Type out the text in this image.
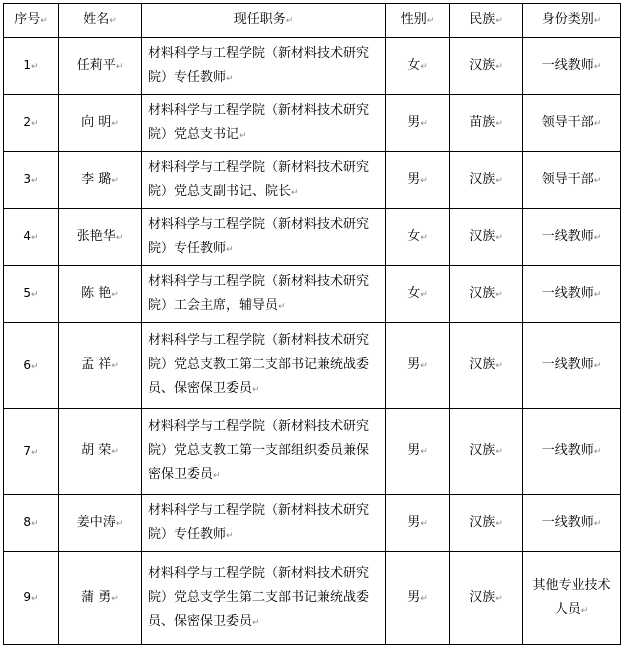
序号↵	姓名↵	现任职务↵	性别↵	民族↵	身份类别↵
1↵	任莉平↵	材料科学与工程学院（新材料技术研究院）专任教师↵	女↵	汉族↵	一线教师↵
2↵	向 明↵	材料科学与工程学院（新材料技术研究院）党总支书记↵	男↵	苗族↵	领导干部↵
3↵	李 璐↵	材料科学与工程学院（新材料技术研究院）党总支副书记、院长↵	男↵	汉族↵	领导干部↵
4↵	张艳华↵	材料科学与工程学院（新材料技术研究院）专任教师↵	女↵	汉族↵	一线教师↵
5↵	陈 艳↵	材料科学与工程学院（新材料技术研究院）工会主席，辅导员↵	女↵	汉族↵	一线教师↵
6↵	孟 祥↵	材料科学与工程学院（新材料技术研究院）党总支教工第二支部书记兼统战委员、保密保卫委员↵	男↵	汉族↵	一线教师↵
7↵	胡 荣↵	材料科学与工程学院（新材料技术研究院）党总支教工第一支部组织委员兼保密保卫委员↵	男↵	汉族↵	一线教师↵
8↵	姜中涛↵	材料科学与工程学院（新材料技术研究院）专任教师↵	男↵	汉族↵	一线教师↵
9↵	蒲 勇↵	材料科学与工程学院（新材料技术研究院）党总支学生第二支部书记兼统战委员、保密保卫委员↵	男↵	汉族↵	其他专业技术人员↵
